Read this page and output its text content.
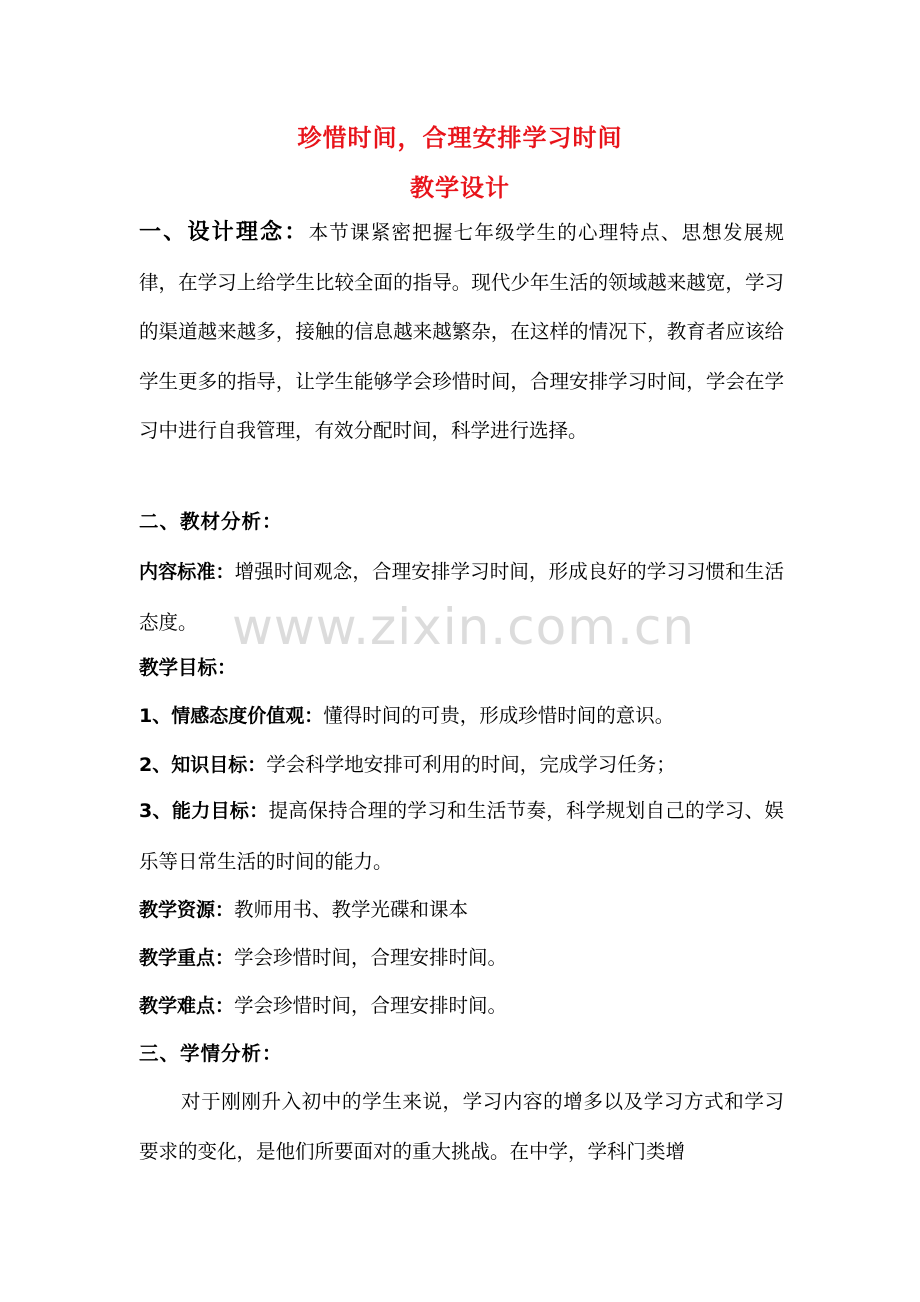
珍惜时间，合理安排学习时间
教学设计

一、设计理念：本节课紧密把握七年级学生的心理特点、思想发展规律，在学习上给学生比较全面的指导。现代少年生活的领域越来越宽，学习的渠道越来越多，接触的信息越来越繁杂，在这样的情况下，教育者应该给学生更多的指导，让学生能够学会珍惜时间，合理安排学习时间，学会在学习中进行自我管理，有效分配时间，科学进行选择。

二、教材分析：

内容标准：增强时间观念，合理安排学习时间，形成良好的学习习惯和生活态度。

教学目标：
1、情感态度价值观：懂得时间的可贵，形成珍惜时间的意识。
2、知识目标：学会科学地安排可利用的时间，完成学习任务；

3、能力目标：提高保持合理的学习和生活节奏，科学规划自己的学习、娱乐等日常生活的时间的能力。

教学资源：教师用书、教学光碟和课本
教学重点：学会珍惜时间，合理安排时间。
教学难点：学会珍惜时间，合理安排时间。
三、学情分析：

对于刚刚升入初中的学生来说，学习内容的增多以及学习方式和学习要求的变化，是他们所要面对的重大挑战。在中学，学科门类增

www.zixin.com.cn
